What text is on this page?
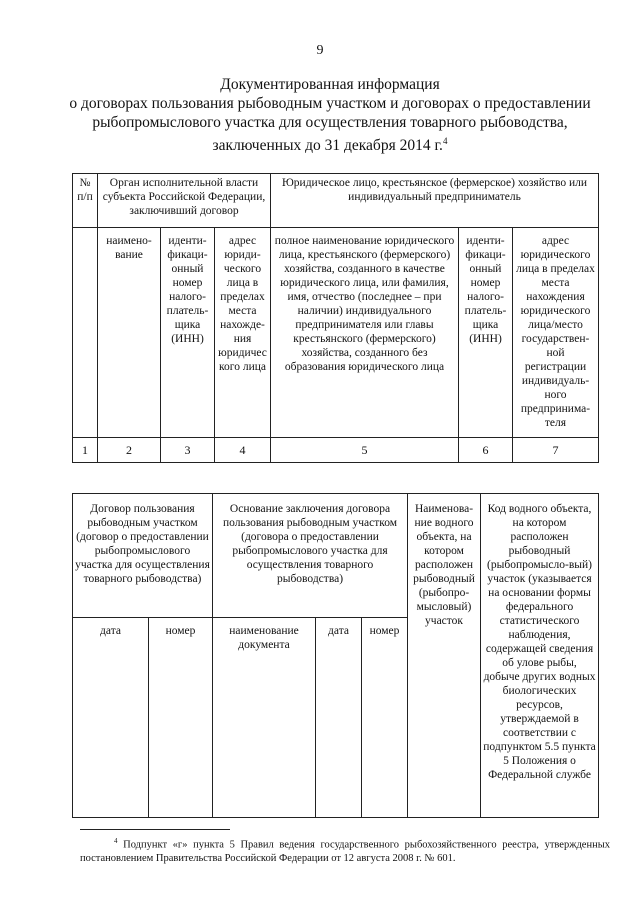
9
Документированная информация
о договорах пользования рыбоводным участком и договорах о предоставлении
рыбопромыслового участка для осуществления товарного рыбоводства,
заключенных до 31 декабря 2014 г.$^4$
№ п/п	Орган исполнительной власти субъекта Российской Федерации, заключивший договор			Юридическое лицо, крестьянское (фермерское) хозяйство или индивидуальный предприниматель		
	наимено-вание	иденти-фикаци-онный номер налого-платель-щика (ИНН)	адрес юриди-ческого лица в пределах места нахожде-ния юридичес кого лица	полное наименование юридического лица, крестьянского (фермерского) хозяйства, созданного в качестве юридического лица, или фамилия, имя, отчество (последнее – при наличии) индивидуального предпринимателя или главы крестьянского (фермерского) хозяйства, созданного без образования юридического лица	иденти-фикаци-онный номер налого-платель-щика (ИНН)	адрес юридического лица в пределах места нахождения юридического лица/место государствен-ной регистрации индивидуаль-ного предпринима-теля
1	2	3	4	5	6	7
Договор пользования рыбоводным участком (договор о предоставлении рыбопромыслового участка для осуществления товарного рыбоводства)		Основание заключения договора пользования рыбоводным участком (договора о предоставлении рыбопромыслового участка для осуществления товарного рыбоводства)			Наименова-ние водного объекта, на котором расположен рыбоводный (рыбопро-мысловый) участок	Код водного объекта, на котором расположен рыбоводный (рыбопромысло-вый) участок (указывается на основании формы федерального статистического наблюдения, содержащей сведения об улове рыбы, добыче других водных биологических ресурсов, утверждаемой в соответствии с подпунктом 5.5 пункта 5 Положения о Федеральной службе
дата	номер	наименование документа	дата	номер		
$^4$ Подпункт «г» пункта 5 Правил ведения государственного рыбохозяйственного реестра, утвержденных постановлением Правительства Российской Федерации от 12 августа 2008 г. № 601.
